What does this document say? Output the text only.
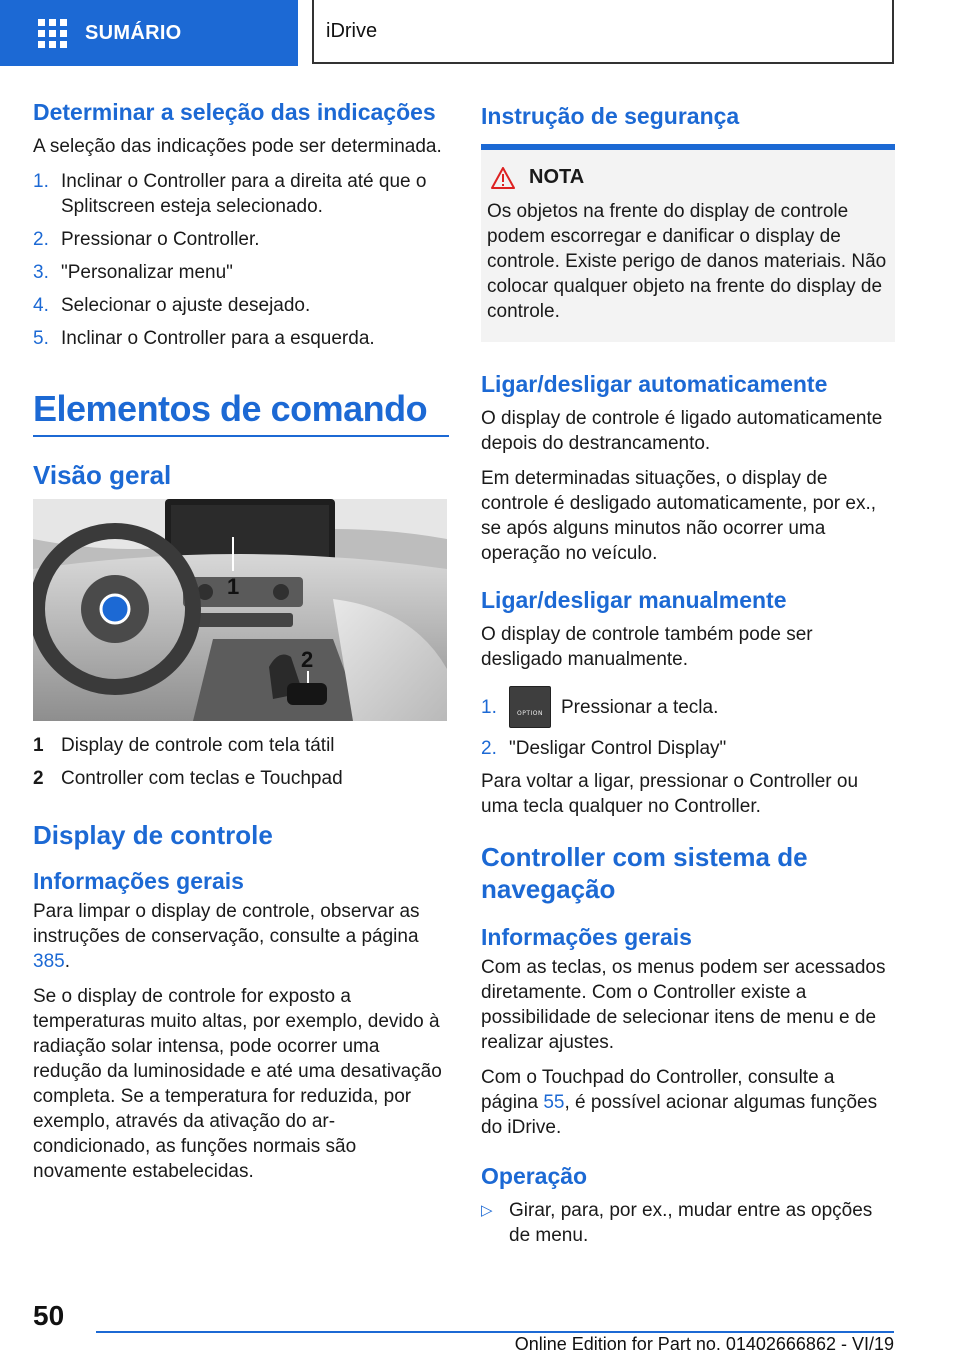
SUMÁRIO	iDrive
Determinar a seleção das indicações

A seleção das indicações pode ser determinada.

1. Inclinar o Controller para a direita até que o Splitscreen esteja selecionado.
2. Pressionar o Controller.
3. "Personalizar menu"
4. Selecionar o ajuste desejado.
5. Inclinar o Controller para a esquerda.
Elementos de comando
Visão geral
1
2
1 Display de controle com tela tátil
2 Controller com teclas e Touchpad
Display de controle
Informações gerais

Para limpar o display de controle, observar as instruções de conservação, consulte a página 385.

Se o display de controle for exposto a temperaturas muito altas, por exemplo, devido à radiação solar intensa, pode ocorrer uma redução da luminosidade e até uma desativação completa. Se a temperatura for reduzida, por exemplo, através da ativação do ar-condicionado, as funções normais são novamente estabelecidas.

Instrução de segurança
NOTA

Os objetos na frente do display de controle podem escorregar e danificar o display de controle. Existe perigo de danos materiais. Não colocar qualquer objeto na frente do display de controle.

Ligar/desligar automaticamente

O display de controle é ligado automaticamente depois do destrancamento.

Em determinadas situações, o display de controle é desligado automaticamente, por ex., se após alguns minutos não ocorrer uma operação no veículo.

Ligar/desligar manualmente

O display de controle também pode ser desligado manualmente.

1.	OPTION Pressionar a tecla.
2. "Desligar Control Display"

Para voltar a ligar, pressionar o Controller ou uma tecla qualquer no Controller.

Controller com sistema de navegação
Informações gerais

Com as teclas, os menus podem ser acessados diretamente. Com o Controller existe a possibilidade de selecionar itens de menu e de realizar ajustes.

Com o Touchpad do Controller, consulte a página 55, é possível acionar algumas funções do iDrive.

Operação
▷ Girar, para, por ex., mudar entre as opções de menu.
50
Online Edition for Part no. 01402666862 - VI/19
